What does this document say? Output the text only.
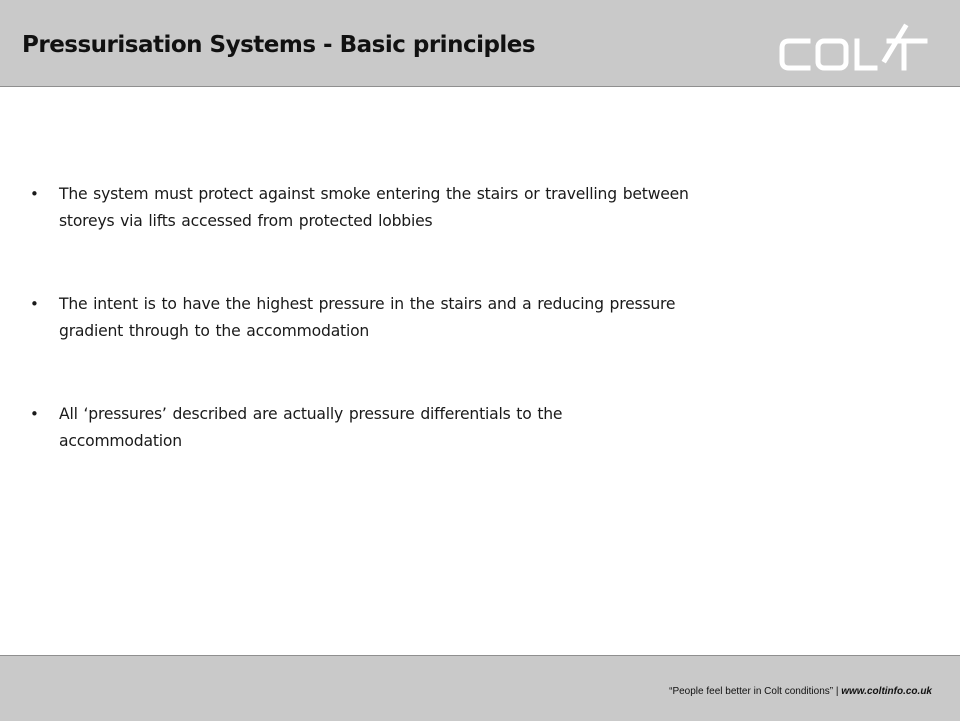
Pressurisation Systems - Basic principles
• The system must protect against smoke entering the stairs or travelling between storeys via lifts accessed from protected lobbies
• The intent is to have the highest pressure in the stairs and a reducing pressure gradient through to the accommodation
• All ‘pressures’ described are actually pressure differentials to the accommodation
“People feel better in Colt conditions” | www.coltinfo.co.uk
